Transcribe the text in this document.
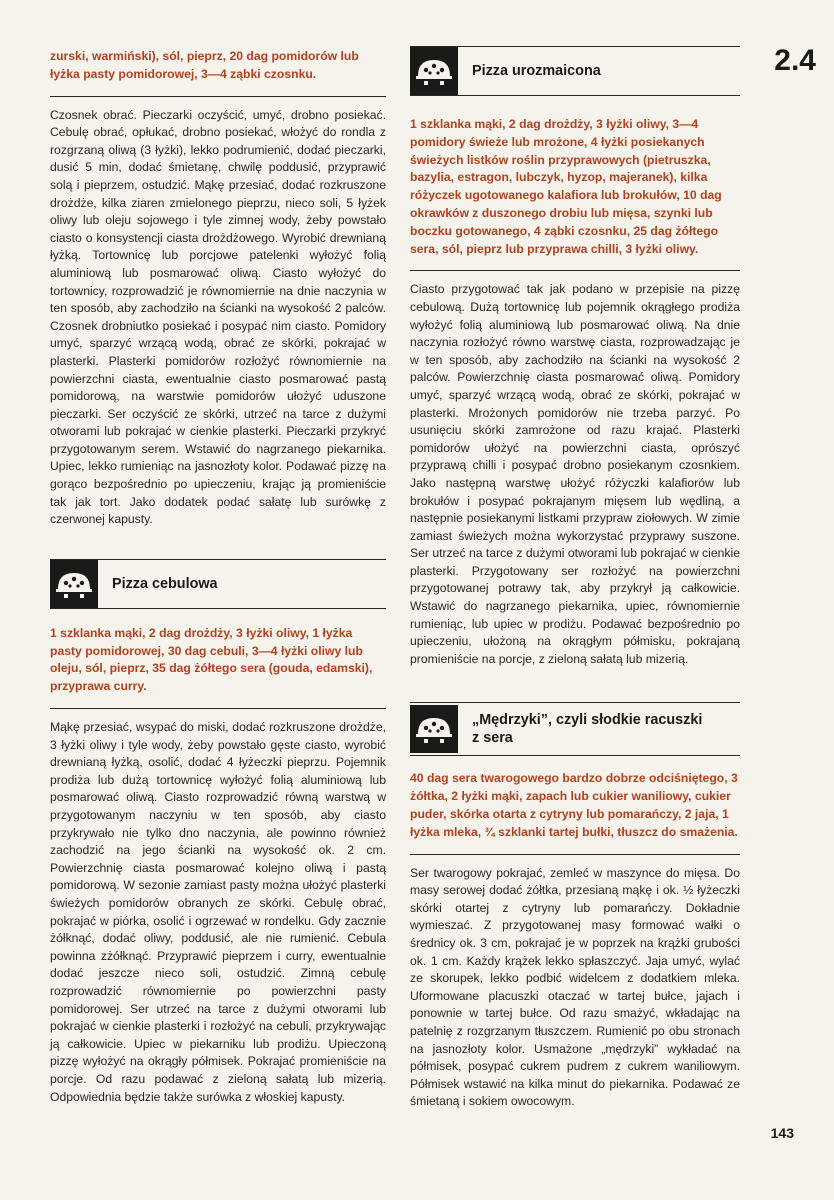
2.4

zurski, warmiński), sól, pieprz, 20 dag pomidorów lub łyżka pasty pomidorowej, 3—4 ząbki czosnku.

Czosnek obrać. Pieczarki oczyścić, umyć, drobno posiekać. Cebulę obrać, opłukać, drobno posiekać, włożyć do rondla z rozgrzaną oliwą (3 łyżki), lekko podrumienić, dodać pieczarki, dusić 5 min, dodać śmietanę, chwilę poddusić, przyprawić solą i pieprzem, ostudzić. Mąkę przesiać, dodać rozkruszone drożdże, kilka ziaren zmielonego pieprzu, nieco soli, 5 łyżek oliwy lub oleju sojowego i tyle zimnej wody, żeby powstało ciasto o konsystencji ciasta drożdżowego. Wyrobić drewnianą łyżką. Tortownicę lub porcjowe patelenki wyłożyć folią aluminiową lub posmarować oliwą. Ciasto wyłożyć do tortownicy, rozprowadzić je równomiernie na dnie naczynia w ten sposób, aby zachodziło na ścianki na wysokość 2 palców. Czosnek drobniutko posiekać i posypać nim ciasto. Pomidory umyć, sparzyć wrzącą wodą, obrać ze skórki, pokrajać w plasterki. Plasterki pomidorów rozłożyć równomiernie na powierzchni ciasta, ewentualnie ciasto posmarować pastą pomidorową, na warstwie pomidorów ułożyć uduszone pieczarki. Ser oczyścić ze skórki, utrzeć na tarce z dużymi otworami lub pokrajać w cienkie plasterki. Pieczarki przykryć przygotowanym serem. Wstawić do nagrzanego piekarnika. Upiec, lekko rumieniąc na jasnozłoty kolor. Podawać pizzę na gorąco bezpośrednio po upieczeniu, krając ją promieniście tak jak tort. Jako dodatek podać sałatę lub surówkę z czerwonej kapusty.

Pizza cebulowa

1 szklanka mąki, 2 dag drożdży, 3 łyżki oliwy, 1 łyżka pasty pomidorowej, 30 dag cebuli, 3—4 łyżki oliwy lub oleju, sól, pieprz, 35 dag żółtego sera (gouda, edamski), przyprawa curry.

Mąkę przesiać, wsypać do miski, dodać rozkruszone drożdże, 3 łyżki oliwy i tyle wody, żeby powstało gęste ciasto, wyrobić drewnianą łyżką, osolić, dodać 4 łyżeczki pieprzu. Pojemnik prodiża lub dużą tortownicę wyłożyć folią aluminiową lub posmarować oliwą. Ciasto rozprowadzić równą warstwą w przygotowanym naczyniu w ten sposób, aby ciasto przykrywało nie tylko dno naczynia, ale powinno również zachodzić na jego ścianki na wysokość ok. 2 cm. Powierzchnię ciasta posmarować kolejno oliwą i pastą pomidorową. W sezonie zamiast pasty można ułożyć plasterki świeżych pomidorów obranych ze skórki. Cebulę obrać, pokrajać w piórka, osolić i ogrzewać w rondelku. Gdy zacznie żółknąć, dodać oliwy, poddusić, ale nie rumienić. Cebula powinna zżółknąć. Przyprawić pieprzem i curry, ewentualnie dodać jeszcze nieco soli, ostudzić. Zimną cebulę rozprowadzić równomiernie po powierzchni pasty pomidorowej. Ser utrzeć na tarce z dużymi otworami lub pokrajać w cienkie plasterki i rozłożyć na cebuli, przykrywając ją całkowicie. Upiec w piekarniku lub prodiżu. Upieczoną pizzę wyłożyć na okrągły półmisek. Pokrajać promieniście na porcje. Od razu podawać z zieloną sałatą lub mizerią. Odpowiednia będzie także surówka z włoskiej kapusty.

Pizza urozmaicona

1 szklanka mąki, 2 dag drożdży, 3 łyżki oliwy, 3—4 pomidory świeże lub mrożone, 4 łyżki posiekanych świeżych listków roślin przyprawowych (pietruszka, bazylia, estragon, lubczyk, hyzop, majeranek), kilka różyczek ugotowanego kalafiora lub brokułów, 10 dag okrawków z duszonego drobiu lub mięsa, szynki lub boczku gotowanego, 4 ząbki czosnku, 25 dag żółtego sera, sól, pieprz lub przyprawa chilli, 3 łyżki oliwy.

Ciasto przygotować tak jak podano w przepisie na pizzę cebulową. Dużą tortownicę lub pojemnik okrągłego prodiża wyłożyć folią aluminiową lub posmarować oliwą. Na dnie naczynia rozłożyć równo warstwę ciasta, rozprowadzając je w ten sposób, aby zachodziło na ścianki na wysokość 2 palców. Powierzchnię ciasta posmarować oliwą. Pomidory umyć, sparzyć wrzącą wodą, obrać ze skórki, pokrajać w plasterki. Mrożonych pomidorów nie trzeba parzyć. Po usunięciu skórki zamrożone od razu krajać. Plasterki pomidorów ułożyć na powierzchni ciasta, oprószyć przyprawą chilli i posypać drobno posiekanym czosnkiem. Jako następną warstwę ułożyć różyczki kalafiorów lub brokułów i posypać pokrajanym mięsem lub wędliną, a następnie posiekanymi listkami przypraw ziołowych. W zimie zamiast świeżych można wykorzystać przyprawy suszone. Ser utrzeć na tarce z dużymi otworami lub pokrajać w cienkie plasterki. Przygotowany ser rozłożyć na powierzchni przygotowanej potrawy tak, aby przykrył ją całkowicie. Wstawić do nagrzanego piekarnika, upiec, równomiernie rumieniąc, lub upiec w prodiżu. Podawać bezpośrednio po upieczeniu, ułożoną na okrągłym półmisku, pokrajaną promieniście na porcje, z zieloną sałatą lub mizerią.

„Mędrzyki”, czyli słodkie racuszki z sera

40 dag sera twarogowego bardzo dobrze odciśniętego, 3 żółtka, 2 łyżki mąki, zapach lub cukier waniliowy, cukier puder, skórka otarta z cytryny lub pomarańczy, 2 jaja, 1 łyżka mleka, ¾ szklanki tartej bułki, tłuszcz do smażenia.

Ser twarogowy pokrajać, zemleć w maszynce do mięsa. Do masy serowej dodać żółtka, przesianą mąkę i ok. ½ łyżeczki skórki otartej z cytryny lub pomarańczy. Dokładnie wymieszać. Z przygotowanej masy formować wałki o średnicy ok. 3 cm, pokrajać je w poprzek na krążki grubości ok. 1 cm. Każdy krążek lekko spłaszczyć. Jaja umyć, wylać ze skorupek, lekko podbić widelcem z dodatkiem mleka. Uformowane placuszki otaczać w tartej bułce, jajach i ponownie w tartej bułce. Od razu smażyć, wkładając na patelnię z rozgrzanym tłuszczem. Rumienić po obu stronach na jasnozłoty kolor. Usmażone „mędrzyki” wykładać na półmisek, posypać cukrem pudrem z cukrem waniliowym. Półmisek wstawić na kilka minut do piekarnika. Podawać ze śmietaną i sokiem owocowym.

143
